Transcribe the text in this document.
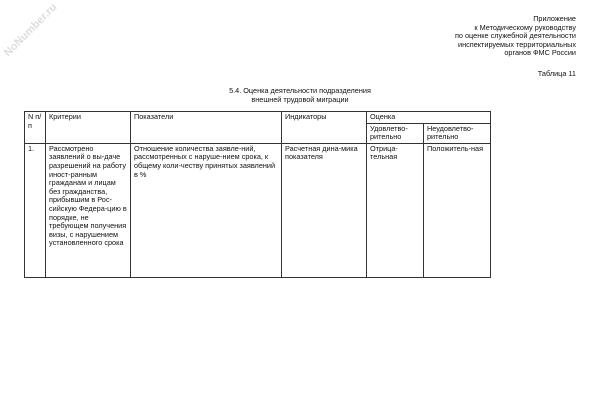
NoNumber.ru	Приложение
к Методическому руководству
по оценке служебной деятельности
инспектируемых территориальных
органов ФМС России
Таблица 11
5.4. Оценка деятельности подразделения
внешней трудовой миграции
N п/п	Критерии	Показатели	Индикаторы	Оценка	
				Удовлетво-рительно	Неудовлетво-рительно
1.	Рассмотрено заявлений о вы-даче разрешений на работу иност-ранным гражданам и лицам без гражданства, прибывшим в Рос-сийскую Федера-цию в порядке, не требующем получения визы, с нарушением установленного срока	Отношение количества заявле-ний, рассмотренных с наруше-нием срока, к общему коли-честву принятых заявлений в %	Расчетная дина-мика показателя	Отрица-тельная	Положитель-ная
